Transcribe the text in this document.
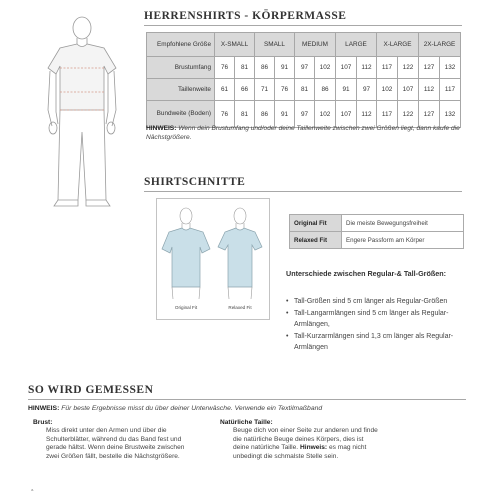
HERRENSHIRTS - KÖRPERMASSE
Empfohlene Größe	X-SMALL		SMALL		MEDIUM		LARGE		X-LARGE		2X-LARGE	
Brustumfang	76	81	86	91	97	102	107	112	117	122	127	132
Taillenweite	61	66	71	76	81	86	91	97	102	107	112	117
Bundweite (Boden)	76	81	86	91	97	102	107	112	117	122	127	132
HINWEIS: Wenn dein Brustumfang und/oder deine Taillenweite zwischen zwei Größen liegt, dann kaufe die Nächstgrößere.
SHIRTSCHNITTE
Original Fit	Relaxed Fit
Original Fit	Die meiste Bewegungsfreiheit
Relaxed Fit	Engere Passform am Körper
Unterschiede zwischen Regular-& Tall-Größen:
• Tall-Größen sind 5 cm länger als Regular-Größen
• Tall-Langarmlängen sind 5 cm länger als Regular-Armlängen,
• Tall-Kurzarmlängen sind 1,3 cm länger als Regular-Armlängen
SO WIRD GEMESSEN
HINWEIS: Für beste Ergebnisse misst du über deiner Unterwäsche. Verwende ein Textilmaßband
Brust:
Miss direkt unter den Armen und über die Schulterblätter, während du das Band fest und gerade hältst. Wenn deine Brustweite zwischen zwei Größen fällt, bestelle die Nächstgrößere.
Natürliche Taille:
Beuge dich von einer Seite zur anderen und finde die natürliche Beuge deines Körpers, dies ist deine natürliche Taille. Hinweis: es mag nicht unbedingt die schmalste Stelle sein.
a.
